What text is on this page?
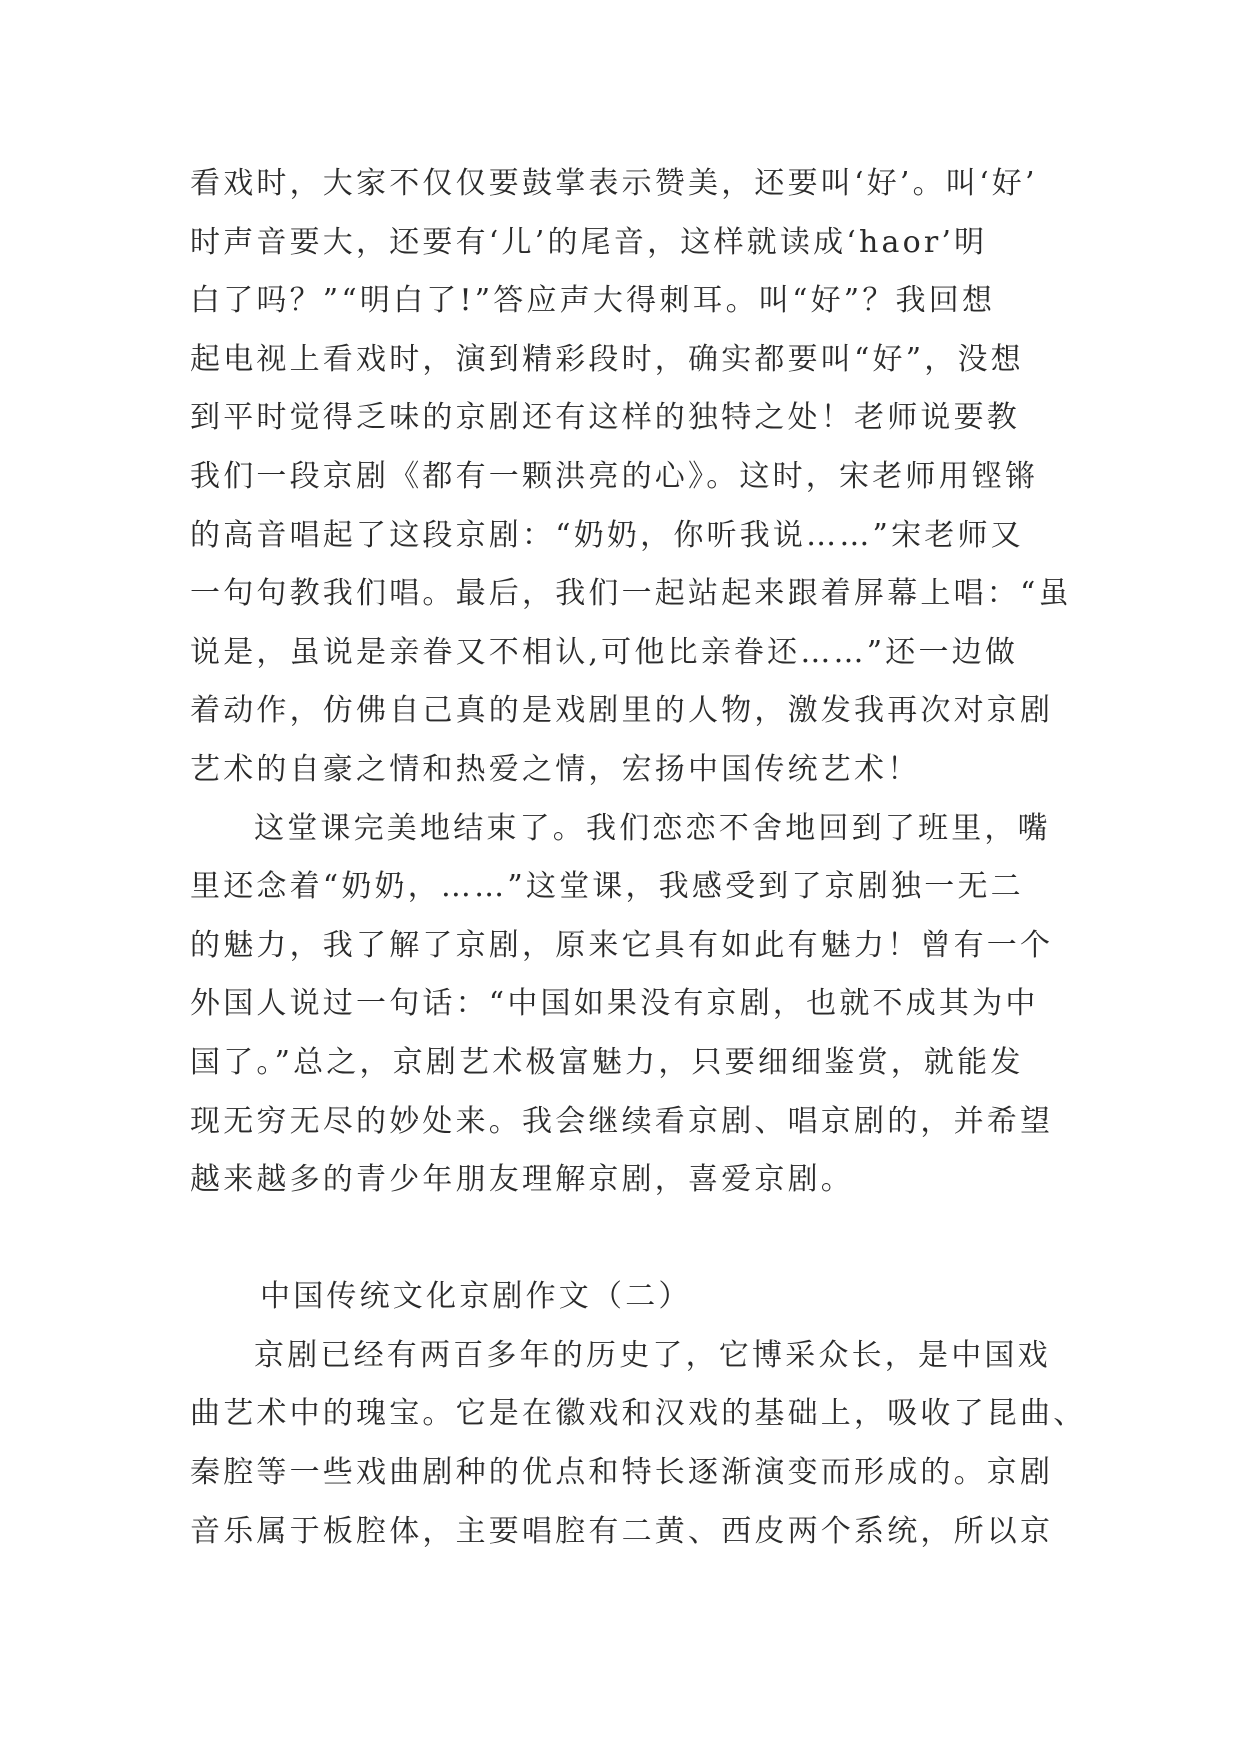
看戏时，大家不仅仅要鼓掌表示赞美，还要叫‘好’。叫‘好’
时声音要大，还要有‘儿’的尾音，这样就读成‘haor’明
白了吗？”“明白了!”答应声大得刺耳。叫“好”？我回想
起电视上看戏时，演到精彩段时，确实都要叫“好”，没想
到平时觉得乏味的京剧还有这样的独特之处！老师说要教
我们一段京剧《都有一颗洪亮的心》。这时，宋老师用铿锵
的高音唱起了这段京剧：“奶奶，你听我说……”宋老师又
一句句教我们唱。最后，我们一起站起来跟着屏幕上唱：“虽
说是，虽说是亲眷又不相认,可他比亲眷还……”还一边做
着动作，仿佛自己真的是戏剧里的人物，激发我再次对京剧
艺术的自豪之情和热爱之情，宏扬中国传统艺术！
这堂课完美地结束了。我们恋恋不舍地回到了班里，嘴
里还念着“奶奶，……”这堂课，我感受到了京剧独一无二
的魅力，我了解了京剧，原来它具有如此有魅力！曾有一个
外国人说过一句话：“中国如果没有京剧，也就不成其为中
国了。”总之，京剧艺术极富魅力，只要细细鉴赏，就能发
现无穷无尽的妙处来。我会继续看京剧、唱京剧的，并希望
越来越多的青少年朋友理解京剧，喜爱京剧。
中国传统文化京剧作文（二）
京剧已经有两百多年的历史了，它博采众长，是中国戏
曲艺术中的瑰宝。它是在徽戏和汉戏的基础上，吸收了昆曲、
秦腔等一些戏曲剧种的优点和特长逐渐演变而形成的。京剧
音乐属于板腔体，主要唱腔有二黄、西皮两个系统，所以京
